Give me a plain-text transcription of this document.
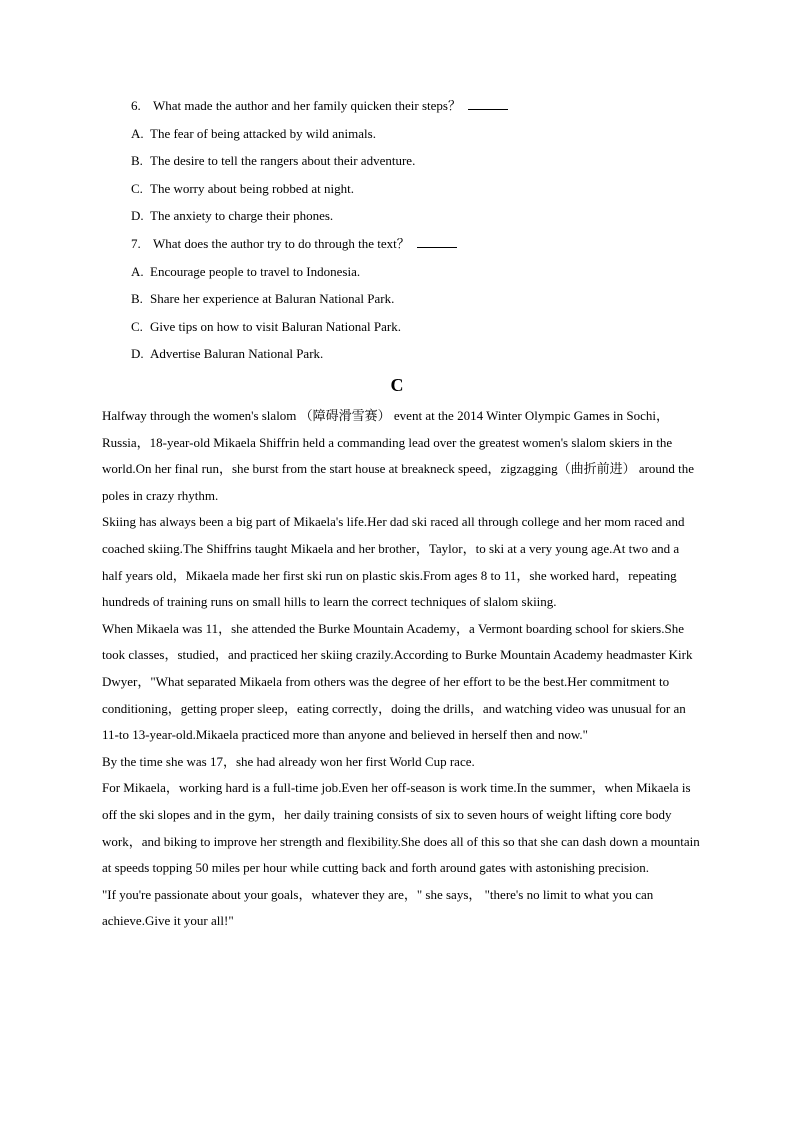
6. What made the author and her family quicken their steps？
A. The fear of being attacked by wild animals.
B. The desire to tell the rangers about their adventure.
C. The worry about being robbed at night.
D. The anxiety to charge their phones.
7. What does the author try to do through the text？
A. Encourage people to travel to Indonesia.
B. Share her experience at Baluran National Park.
C. Give tips on how to visit Baluran National Park.
D. Advertise Baluran National Park.
C

Halfway through the women's slalom （障碍滑雪赛） event at the 2014 Winter Olympic Games in Sochi，Russia，18-year-old Mikaela Shiffrin held a commanding lead over the greatest women's slalom skiers in the world.On her final run，she burst from the start house at breakneck speed，zigzagging（曲折前进） around the poles in crazy rhythm.

Skiing has always been a big part of Mikaela's life.Her dad ski raced all through college and her mom raced and coached skiing.The Shiffrins taught Mikaela and her brother，Taylor，to ski at a very young age.At two and a half years old，Mikaela made her first ski run on plastic skis.From ages 8 to 11，she worked hard，repeating hundreds of training runs on small hills to learn the correct techniques of slalom skiing.

When Mikaela was 11，she attended the Burke Mountain Academy，a Vermont boarding school for skiers.She took classes，studied，and practiced her skiing crazily.According to Burke Mountain Academy headmaster Kirk Dwyer，"What separated Mikaela from others was the degree of her effort to be the best.Her commitment to conditioning，getting proper sleep，eating correctly，doing the drills，and watching video was unusual for an 11-to 13-year-old.Mikaela practiced more than anyone and believed in herself then and now."

By the time she was 17，she had already won her first World Cup race.

For Mikaela，working hard is a full-time job.Even her off-season is work time.In the summer，when Mikaela is off the ski slopes and in the gym，her daily training consists of six to seven hours of weight lifting core body work，and biking to improve her strength and flexibility.She does all of this so that she can dash down a mountain at speeds topping 50 miles per hour while cutting back and forth around gates with astonishing precision.

"If you're passionate about your goals，whatever they are，" she says， "there's no limit to what you can achieve.Give it your all!"
